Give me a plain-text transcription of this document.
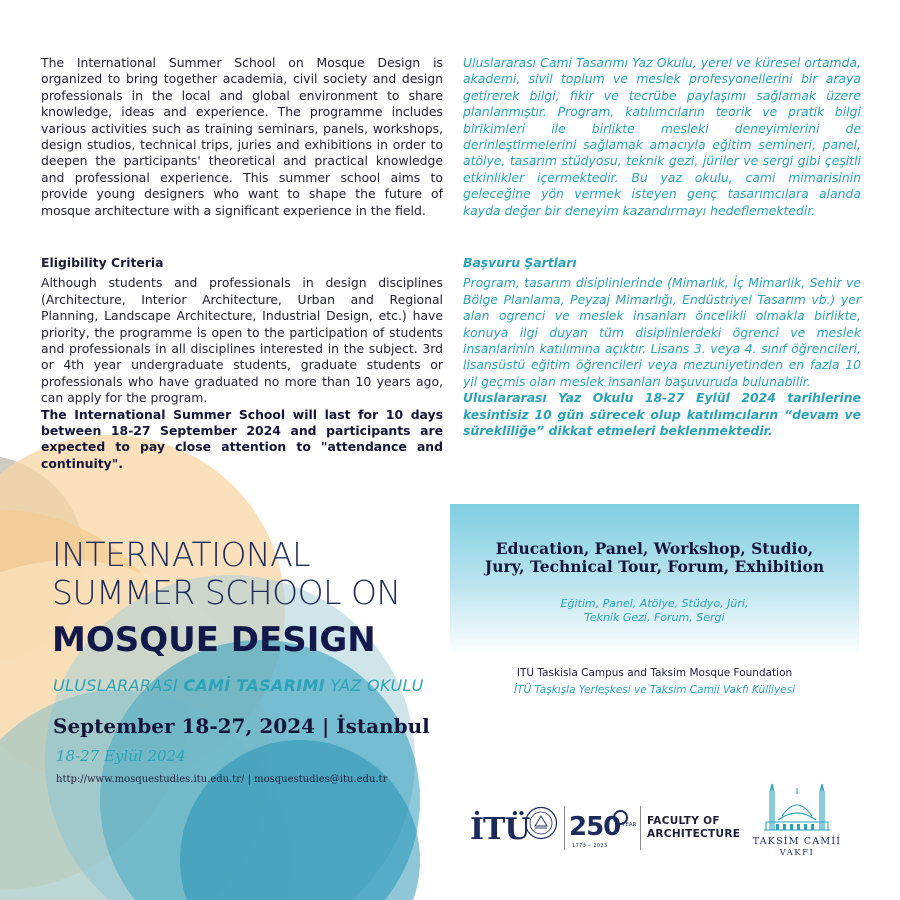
The International Summer School on Mosque Design is organized to bring together academia, civil society and design professionals in the local and global environment to share knowledge, ideas and experience. The programme includes various activities such as training seminars, panels, workshops, design studios, technical trips, juries and exhibitions in order to deepen the participants' theoretical and practical knowledge and professional experience. This summer school aims to provide young designers who want to shape the future of mosque architecture with a significant experience in the field.

Uluslararası Cami Tasarımı Yaz Okulu, yerel ve küresel ortamda, akademi, sivil toplum ve meslek profesyonellerini bir araya getirerek bilgi, fikir ve tecrübe paylaşımı sağlamak üzere planlanmıştır. Program, katılımcıların teorik ve pratik bilgi birikimleri ile birlikte mesleki deneyimlerini de derinleştirmelerini sağlamak amacıyla eğitim semineri, panel, atölye, tasarım stüdyosu, teknik gezi, jüriler ve sergi gibi çeşitli etkinlikler içermektedir. Bu yaz okulu, cami mimarisinin geleceğine yön vermek isteyen genç tasarımcılara alanda kayda değer bir deneyim kazandırmayı hedeflemektedir.

Eligibility Criteria

Although students and professionals in design disciplines (Architecture, Interior Architecture, Urban and Regional Planning, Landscape Architecture, Industrial Design, etc.) have priority, the programme is open to the participation of students and professionals in all disciplines interested in the subject. 3rd or 4th year undergraduate students, graduate students or professionals who have graduated no more than 10 years ago, can apply for the program.

The International Summer School will last for 10 days between 18-27 September 2024 and participants are expected to pay close attention to "attendance and continuity".

Başvuru Şartları

Program, tasarım disiplinlerinde (Mimarlık, İç Mimarlik, Sehir ve Bölge Planlama, Peyzaj Mimarlığı, Endüstriyel Tasarım vb.) yer alan ogrenci ve meslek insanları öncelikli olmakla birlikte, konuya ilgi duyan tüm disiplinlerdeki ögrenci ve meslek insanlarinin katılımına açıktır. Lisans 3. veya 4. sınıf öğrencileri, lisansüstü eğitim öğrencileri veya mezuniyetinden en fazla 10 yil geçmis olan meslek insanları başuvuruda bulunabilir.

Uluslararası Yaz Okulu 18-27 Eylül 2024 tarihlerine kesintisiz 10 gün sürecek olup katılımcıların “devam ve sürekliliğe” dikkat etmeleri beklenmektedir.

INTERNATIONAL
SUMMER SCHOOL ON
MOSQUE DESIGN
ULUSLARARASI CAMİ TASARIMI YAZ OKULU
September 18-27, 2024 | İstanbul
18-27 Eylül 2024
http://www.mosquestudies.itu.edu.tr/ | mosquestudies@itu.edu.tr
Education, Panel, Workshop, Studio,
Jury, Technical Tour, Forum, Exhibition
Eğitim, Panel, Atölye, Stüdyo, Jüri,
Teknik Gezi, Forum, Sergi
ITU Taskisla Campus and Taksim Mosque Foundation
İTÜ Taşkışla Yerleşkesi ve Taksim Camii Vakfı Külliyesi
İTÜ 250 YEAR
1773 – 2023
FACULTY OF
ARCHITECTURE
TAKSİM CAMİİ
VAKFI
